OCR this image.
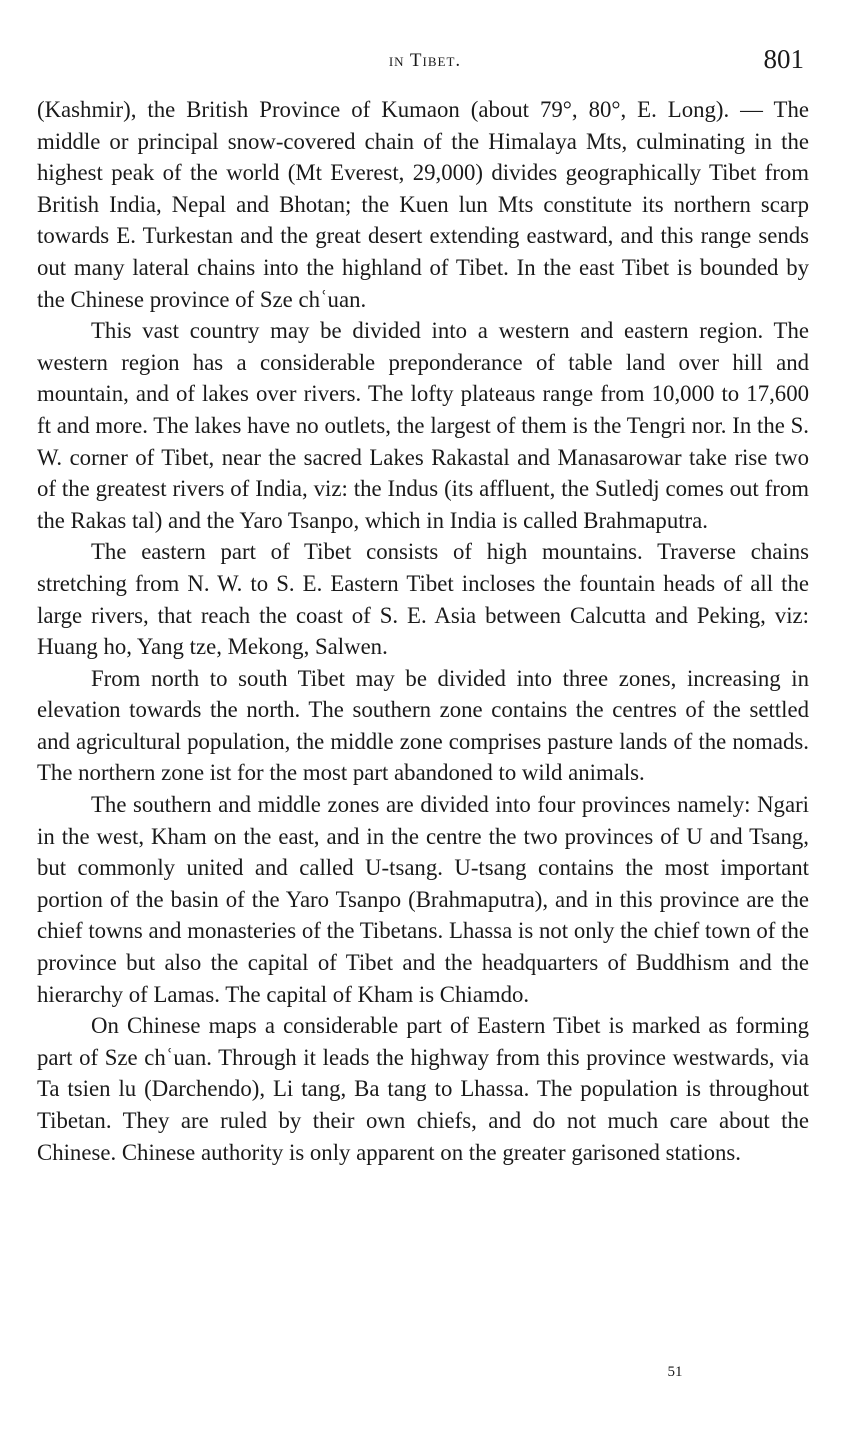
in Tibet.	801

(Kashmir), the British Province of Kumaon (about 79°, 80°, E. Long). — The middle or principal snow-covered chain of the Himalaya Mts, culminating in the highest peak of the world (Mt Everest, 29,000) divides geographically Tibet from British India, Nepal and Bhotan; the Kuen lun Mts constitute its northern scarp towards E. Turkestan and the great desert extending eastward, and this range sends out many lateral chains into the highland of Tibet. In the east Tibet is bounded by the Chinese province of Sze chʿuan.

This vast country may be divided into a western and eastern region. The western region has a considerable preponderance of table land over hill and mountain, and of lakes over rivers. The lofty plateaus range from 10,000 to 17,600 ft and more. The lakes have no outlets, the largest of them is the Tengri nor. In the S. W. corner of Tibet, near the sacred Lakes Rakastal and Manasarowar take rise two of the greatest rivers of India, viz: the Indus (its affluent, the Sutledj comes out from the Rakas tal) and the Yaro Tsanpo, which in India is called Brahmaputra.

The eastern part of Tibet consists of high mountains. Traverse chains stretching from N. W. to S. E. Eastern Tibet incloses the fountain heads of all the large rivers, that reach the coast of S. E. Asia between Calcutta and Peking, viz: Huang ho, Yang tze, Mekong, Salwen.

From north to south Tibet may be divided into three zones, increasing in elevation towards the north. The southern zone contains the centres of the settled and agricultural population, the middle zone comprises pasture lands of the nomads. The northern zone ist for the most part abandoned to wild animals.

The southern and middle zones are divided into four provinces namely: Ngari in the west, Kham on the east, and in the centre the two provinces of U and Tsang, but commonly united and called U-tsang. U-tsang contains the most important portion of the basin of the Yaro Tsanpo (Brahmaputra), and in this province are the chief towns and monasteries of the Tibetans. Lhassa is not only the chief town of the province but also the capital of Tibet and the headquarters of Buddhism and the hierarchy of Lamas. The capital of Kham is Chiamdo.

On Chinese maps a considerable part of Eastern Tibet is marked as forming part of Sze chʿuan. Through it leads the highway from this province westwards, via Ta tsien lu (Darchendo), Li tang, Ba tang to Lhassa. The population is throughout Tibetan. They are ruled by their own chiefs, and do not much care about the Chinese. Chinese authority is only apparent on the greater garisoned stations.

51
